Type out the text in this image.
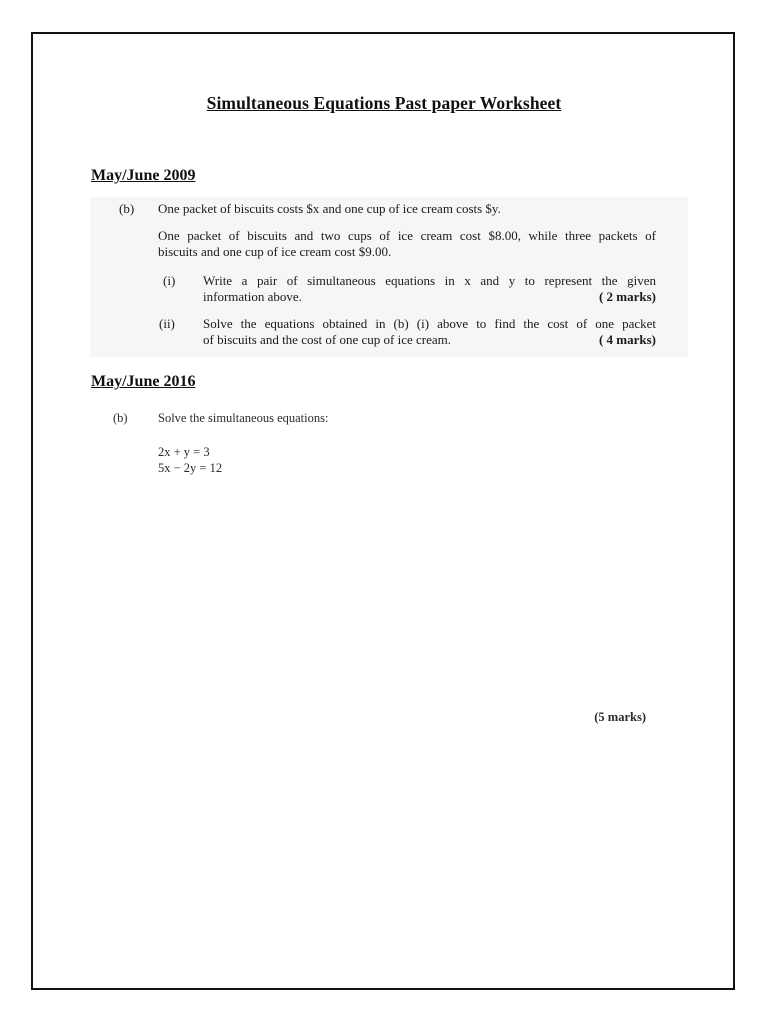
Simultaneous Equations Past paper Worksheet
May/June 2009
(b) One packet of biscuits costs $x and one cup of ice cream costs $y.
One packet of biscuits and two cups of ice cream cost $8.00, while three packets of
biscuits and one cup of ice cream cost $9.00.
(i) Write a pair of simultaneous equations in x and y to represent the given
information above.	( 2 marks)
(ii) Solve the equations obtained in (b) (i) above to find the cost of one packet
of biscuits and the cost of one cup of ice cream.	( 4 marks)
May/June 2016
(b) Solve the simultaneous equations:
2x + y = 3
5x − 2y = 12
(5 marks)
